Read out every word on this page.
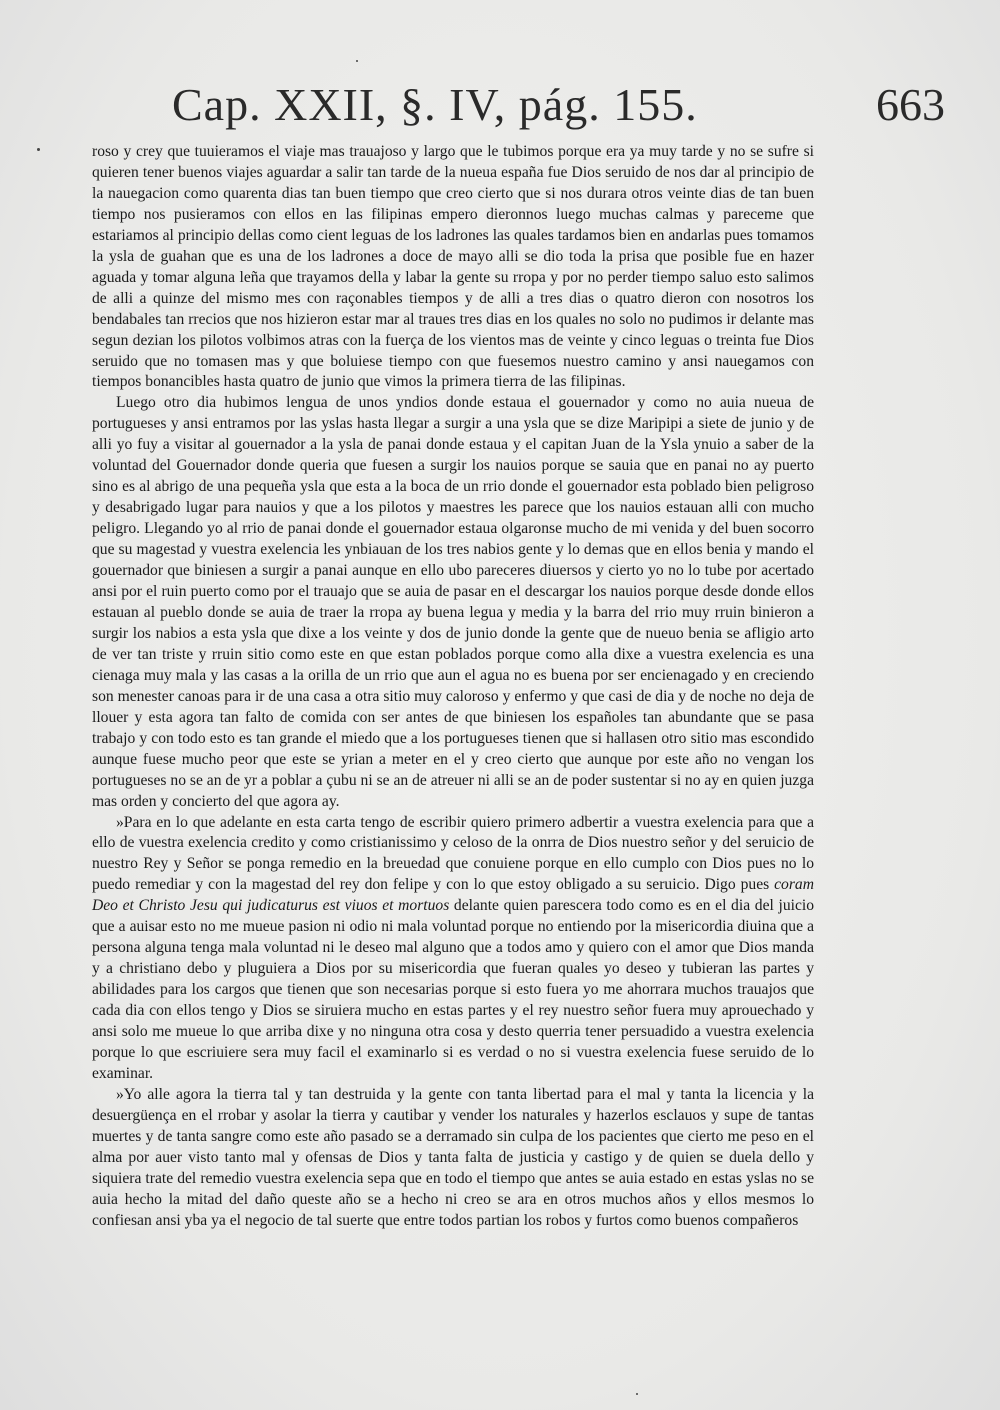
Cap. XXII, §. IV, pág. 155.	663

roso y crey que tuuieramos el viaje mas trauajoso y largo que le tubimos porque era ya muy tarde y no se sufre si quieren tener buenos viajes aguardar a salir tan tarde de la nueua españa fue Dios seruido de nos dar al principio de la nauegacion como quarenta dias tan buen tiempo que creo cierto que si nos durara otros veinte dias de tan buen tiempo nos pusieramos con ellos en las filipinas empero dieronnos luego muchas calmas y pareceme que estariamos al principio dellas como cient leguas de los ladrones las quales tardamos bien en andarlas pues tomamos la ysla de guahan que es una de los ladrones a doce de mayo alli se dio toda la prisa que posible fue en hazer aguada y tomar alguna leña que trayamos della y labar la gente su rropa y por no perder tiempo saluo esto salimos de alli a quinze del mismo mes con raçonables tiempos y de alli a tres dias o quatro dieron con nosotros los bendabales tan rrecios que nos hizieron estar mar al traues tres dias en los quales no solo no pudimos ir delante mas segun dezian los pilotos volbimos atras con la fuerça de los vientos mas de veinte y cinco leguas o treinta fue Dios seruido que no tomasen mas y que boluiese tiempo con que fuesemos nuestro camino y ansi nauegamos con tiempos bonancibles hasta quatro de junio que vimos la primera tierra de las filipinas.

Luego otro dia hubimos lengua de unos yndios donde estaua el gouernador y como no auia nueua de portugueses y ansi entramos por las yslas hasta llegar a surgir a una ysla que se dize Maripipi a siete de junio y de alli yo fuy a visitar al gouernador a la ysla de panai donde estaua y el capitan Juan de la Ysla ynuio a saber de la voluntad del Gouernador donde queria que fuesen a surgir los nauios porque se sauia que en panai no ay puerto sino es al abrigo de una pequeña ysla que esta a la boca de un rrio donde el gouernador esta poblado bien peligroso y desabrigado lugar para nauios y que a los pilotos y maestres les parece que los nauios estauan alli con mucho peligro. Llegando yo al rrio de panai donde el gouernador estaua olgaronse mucho de mi venida y del buen socorro que su magestad y vuestra exelencia les ynbiauan de los tres nabios gente y lo demas que en ellos benia y mando el gouernador que biniesen a surgir a panai aunque en ello ubo pareceres diuersos y cierto yo no lo tube por acertado ansi por el ruin puerto como por el trauajo que se auia de pasar en el descargar los nauios porque desde donde ellos estauan al pueblo donde se auia de traer la rropa ay buena legua y media y la barra del rrio muy rruin binieron a surgir los nabios a esta ysla que dixe a los veinte y dos de junio donde la gente que de nueuo benia se afligio arto de ver tan triste y rruin sitio como este en que estan poblados porque como alla dixe a vuestra exelencia es una cienaga muy mala y las casas a la orilla de un rrio que aun el agua no es buena por ser encienagado y en creciendo son menester canoas para ir de una casa a otra sitio muy caloroso y enfermo y que casi de dia y de noche no deja de llouer y esta agora tan falto de comida con ser antes de que biniesen los españoles tan abundante que se pasa trabajo y con todo esto es tan grande el miedo que a los portugueses tienen que si hallasen otro sitio mas escondido aunque fuese mucho peor que este se yrian a meter en el y creo cierto que aunque por este año no vengan los portugueses no se an de yr a poblar a çubu ni se an de atreuer ni alli se an de poder sustentar si no ay en quien juzga mas orden y concierto del que agora ay.

»Para en lo que adelante en esta carta tengo de escribir quiero primero adbertir a vuestra exelencia para que a ello de vuestra exelencia credito y como cristianissimo y celoso de la onrra de Dios nuestro señor y del seruicio de nuestro Rey y Señor se ponga remedio en la breuedad que conuiene porque en ello cumplo con Dios pues no lo puedo remediar y con la magestad del rey don felipe y con lo que estoy obligado a su seruicio. Digo pues coram Deo et Christo Jesu qui judicaturus est viuos et mortuos delante quien parescera todo como es en el dia del juicio que a auisar esto no me mueue pasion ni odio ni mala voluntad porque no entiendo por la misericordia diuina que a persona alguna tenga mala voluntad ni le deseo mal alguno que a todos amo y quiero con el amor que Dios manda y a christiano debo y pluguiera a Dios por su misericordia que fueran quales yo deseo y tubieran las partes y abilidades para los cargos que tienen que son necesarias porque si esto fuera yo me ahorrara muchos trauajos que cada dia con ellos tengo y Dios se siruiera mucho en estas partes y el rey nuestro señor fuera muy aprouechado y ansi solo me mueue lo que arriba dixe y no ninguna otra cosa y desto querria tener persuadido a vuestra exelencia porque lo que escriuiere sera muy facil el examinarlo si es verdad o no si vuestra exelencia fuese seruido de lo examinar.

»Yo alle agora la tierra tal y tan destruida y la gente con tanta libertad para el mal y tanta la licencia y la desuergüença en el rrobar y asolar la tierra y cautibar y vender los naturales y hazerlos esclauos y supe de tantas muertes y de tanta sangre como este año pasado se a derramado sin culpa de los pacientes que cierto me peso en el alma por auer visto tanto mal y ofensas de Dios y tanta falta de justicia y castigo y de quien se duela dello y siquiera trate del remedio vuestra exelencia sepa que en todo el tiempo que antes se auia estado en estas yslas no se auia hecho la mitad del daño queste año se a hecho ni creo se ara en otros muchos años y ellos mesmos lo confiesan ansi yba ya el negocio de tal suerte que entre todos partian los robos y furtos como buenos compañeros
